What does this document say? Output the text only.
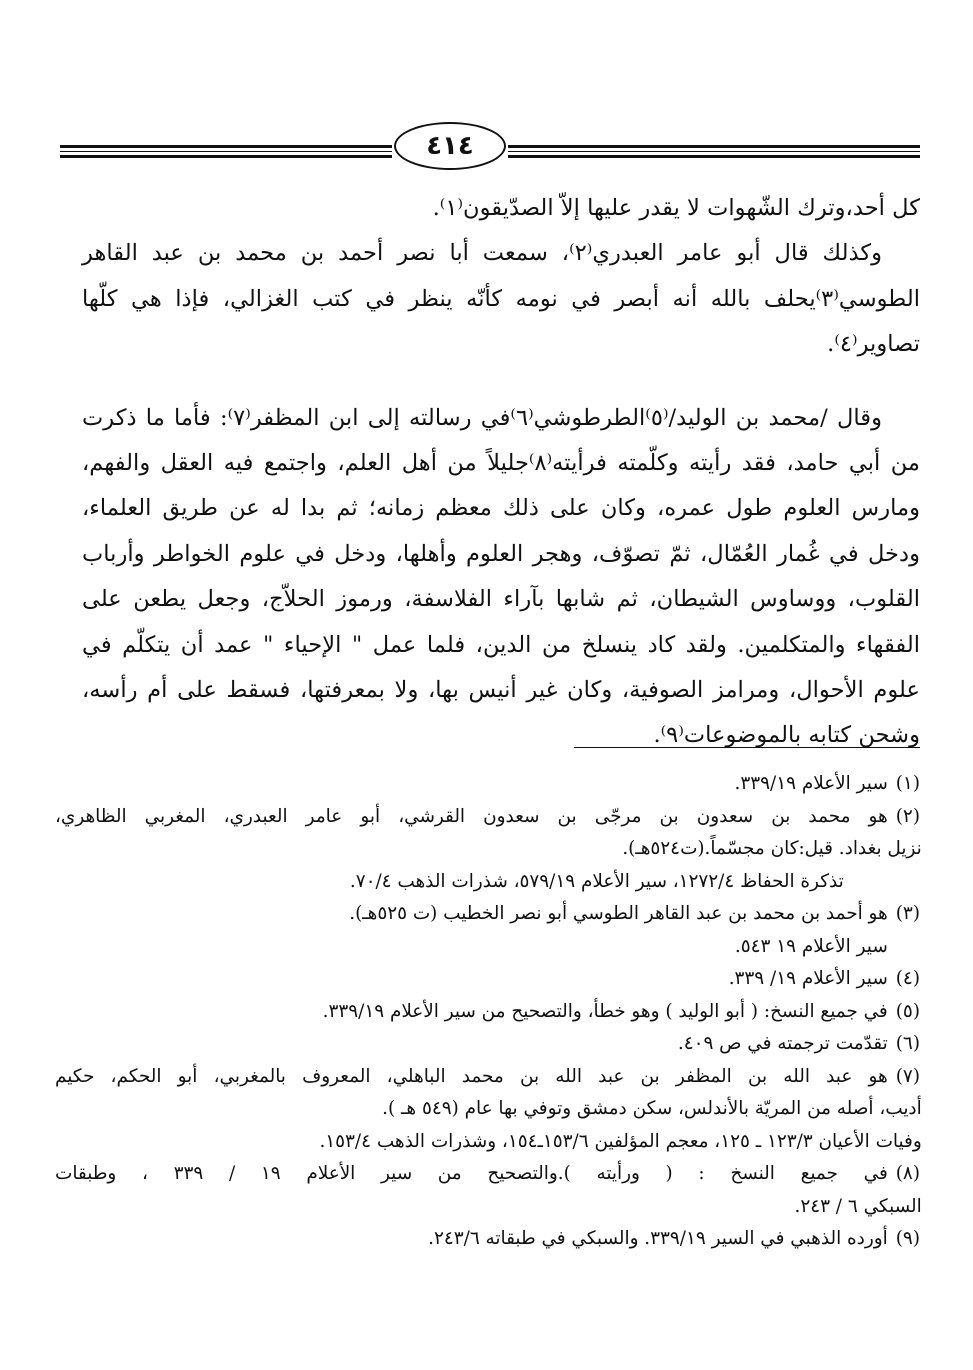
٤١٤

كل أحد،وترك الشّهوات لا يقدر عليها إلاّ الصدّيقون⁽١⁾.

وكذلك قال أبو عامر العبدري⁽٢⁾، سمعت أبا نصر أحمد بن محمد بن عبد القاهر الطوسي⁽٣⁾يحلف بالله أنه أبصر في نومه كأنّه ينظر في كتب الغزالي، فإذا هي كلّها تصاوير⁽٤⁾.

وقال /محمد بن الوليد/⁽٥⁾الطرطوشي⁽٦⁾في رسالته إلى ابن المظفر⁽٧⁾: فأما ما ذكرت من أبي حامد، فقد رأيته وكلّمته فرأيته⁽٨⁾جليلاً من أهل العلم، واجتمع فيه العقل والفهم، ومارس العلوم طول عمره، وكان على ذلك معظم زمانه؛ ثم بدا له عن طريق العلماء، ودخل في غُمار العُمّال، ثمّ تصوّف، وهجر العلوم وأهلها، ودخل في علوم الخواطر وأرباب القلوب، ووساوس الشيطان، ثم شابها بآراء الفلاسفة، ورموز الحلاّج، وجعل يطعن على الفقهاء والمتكلمين. ولقد كاد ينسلخ من الدين، فلما عمل " الإحياء " عمد أن يتكلّم في علوم الأحوال، ومرامز الصوفية، وكان غير أنيس بها، ولا بمعرفتها، فسقط على أم رأسه، وشحن كتابه بالموضوعات⁽٩⁾.

(١)
سير الأعلام ٣٣٩/١٩.
(٢)
هو محمد بن سعدون بن مرجّى بن سعدون القرشي، أبو عامر العبدري، المغربي الظاهري،
نزيل بغداد. قيل:كان مجسّماً.(ت٥٢٤هـ).
تذكرة الحفاظ ١٢٧٢/٤، سير الأعلام ٥٧٩/١٩، شذرات الذهب ٧٠/٤.
(٣)
هو أحمد بن محمد بن عبد القاهر الطوسي أبو نصر الخطيب (ت ٥٢٥هـ).
سير الأعلام ١٩ ٥٤٣.
(٤)
سير الأعلام ١٩/ ٣٣٩.
(٥)
في جميع النسخ: ( أبو الوليد ) وهو خطأ، والتصحيح من سير الأعلام ٣٣٩/١٩.
(٦)
تقدّمت ترجمته في ص ٤٠٩.
(٧)
هو عبد الله بن المظفر بن عبد الله بن محمد الباهلي، المعروف بالمغربي، أبو الحكم، حكيم
أديب، أصله من المريّة بالأندلس، سكن دمشق وتوفي بها عام (٥٤٩ هـ ).
وفيات الأعيان ١٢٣/٣ ـ ١٢٥، معجم المؤلفين ١٥٣/٦ـ١٥٤، وشذرات الذهب ١٥٣/٤.
(٨)
في جميع النسخ : ( ورأيته ).والتصحيح من سير الأعلام ١٩ / ٣٣٩ ، وطبقات
السبكي ٦ / ٢٤٣.
(٩)
أورده الذهبي في السير ٣٣٩/١٩. والسبكي في طبقاته ٢٤٣/٦.
